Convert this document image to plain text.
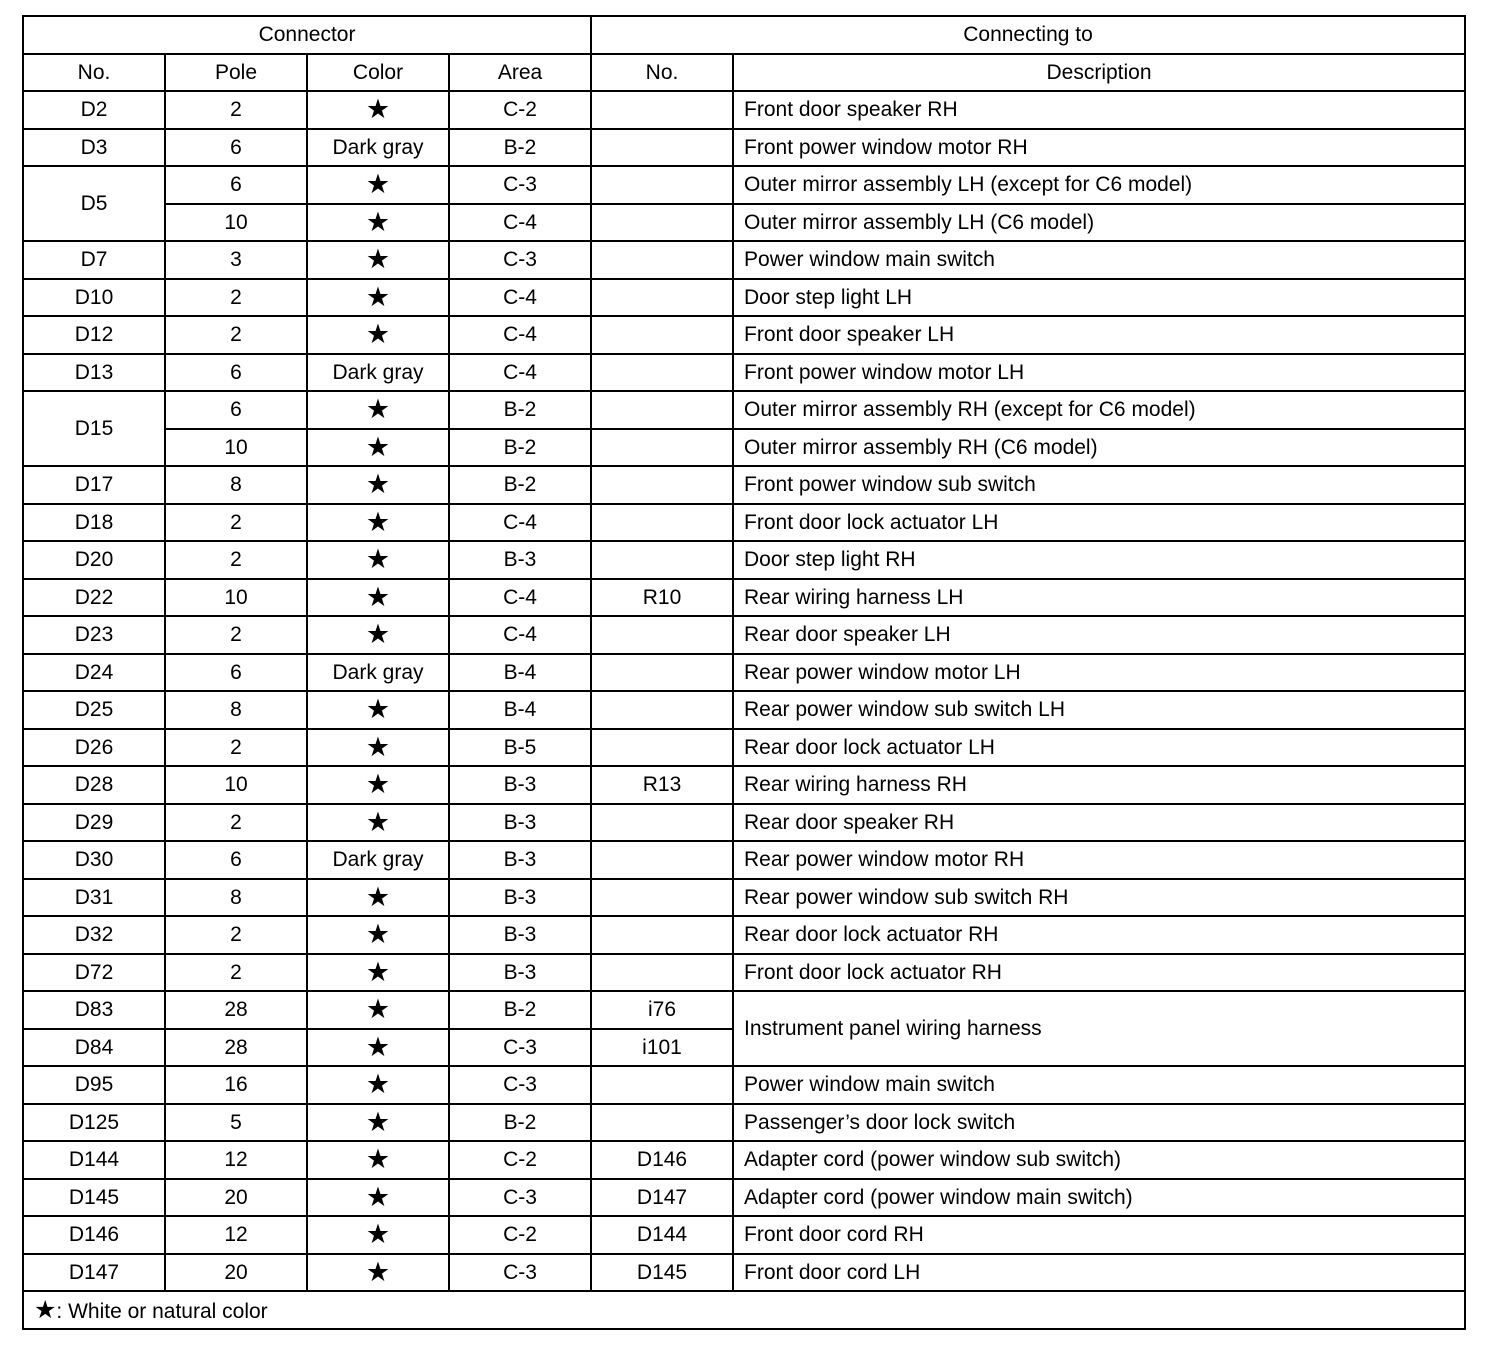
Connector				Connecting to	
No.	Pole	Color	Area	No.	Description
D2	2	★	C-2		Front door speaker RH
D3	6	Dark gray	B-2		Front power window motor RH
D5	6	★	C-3		Outer mirror assembly LH (except for C6 model)
	10	★	C-4		Outer mirror assembly LH (C6 model)
D7	3	★	C-3		Power window main switch
D10	2	★	C-4		Door step light LH
D12	2	★	C-4		Front door speaker LH
D13	6	Dark gray	C-4		Front power window motor LH
D15	6	★	B-2		Outer mirror assembly RH (except for C6 model)
	10	★	B-2		Outer mirror assembly RH (C6 model)
D17	8	★	B-2		Front power window sub switch
D18	2	★	C-4		Front door lock actuator LH
D20	2	★	B-3		Door step light RH
D22	10	★	C-4	R10	Rear wiring harness LH
D23	2	★	C-4		Rear door speaker LH
D24	6	Dark gray	B-4		Rear power window motor LH
D25	8	★	B-4		Rear power window sub switch LH
D26	2	★	B-5		Rear door lock actuator LH
D28	10	★	B-3	R13	Rear wiring harness RH
D29	2	★	B-3		Rear door speaker RH
D30	6	Dark gray	B-3		Rear power window motor RH
D31	8	★	B-3		Rear power window sub switch RH
D32	2	★	B-3		Rear door lock actuator RH
D72	2	★	B-3		Front door lock actuator RH
D83	28	★	B-2	i76	Instrument panel wiring harness
D84	28	★	C-3	i101	
D95	16	★	C-3		Power window main switch
D125	5	★	B-2		Passenger’s door lock switch
D144	12	★	C-2	D146	Adapter cord (power window sub switch)
D145	20	★	C-3	D147	Adapter cord (power window main switch)
D146	12	★	C-2	D144	Front door cord RH
D147	20	★	C-3	D145	Front door cord LH
★: White or natural color					
